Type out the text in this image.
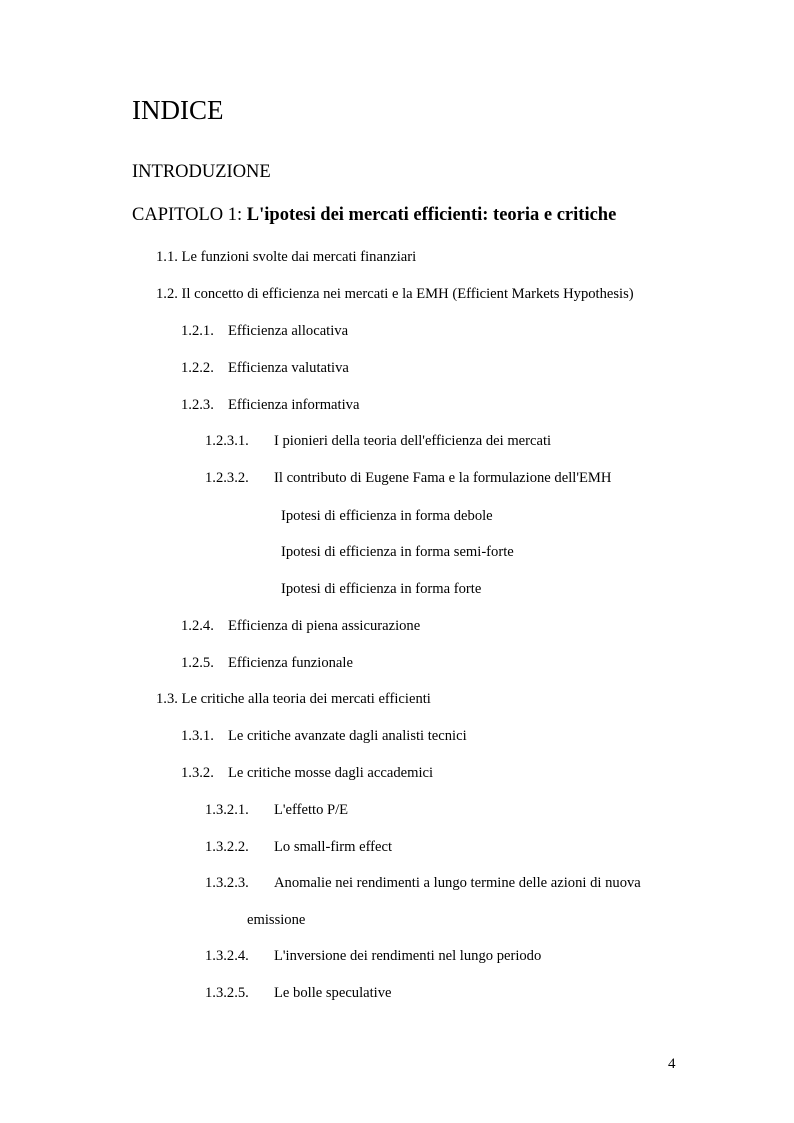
INDICE
INTRODUZIONE
CAPITOLO 1: L'ipotesi dei mercati efficienti: teoria e critiche
1.1. Le funzioni svolte dai mercati finanziari
1.2. Il concetto di efficienza nei mercati e la EMH (Efficient Markets Hypothesis)
1.2.1. Efficienza allocativa
1.2.2. Efficienza valutativa
1.2.3. Efficienza informativa
1.2.3.1. I pionieri della teoria dell'efficienza dei mercati
1.2.3.2. Il contributo di Eugene Fama e la formulazione dell'EMH
Ipotesi di efficienza in forma debole
Ipotesi di efficienza in forma semi-forte
Ipotesi di efficienza in forma forte
1.2.4. Efficienza di piena assicurazione
1.2.5. Efficienza funzionale
1.3. Le critiche alla teoria dei mercati efficienti
1.3.1. Le critiche avanzate dagli analisti tecnici
1.3.2. Le critiche mosse dagli accademici
1.3.2.1. L'effetto P/E
1.3.2.2. Lo small-firm effect
1.3.2.3. Anomalie nei rendimenti a lungo termine delle azioni di nuova
emissione
1.3.2.4. L'inversione dei rendimenti nel lungo periodo
1.3.2.5. Le bolle speculative
4
